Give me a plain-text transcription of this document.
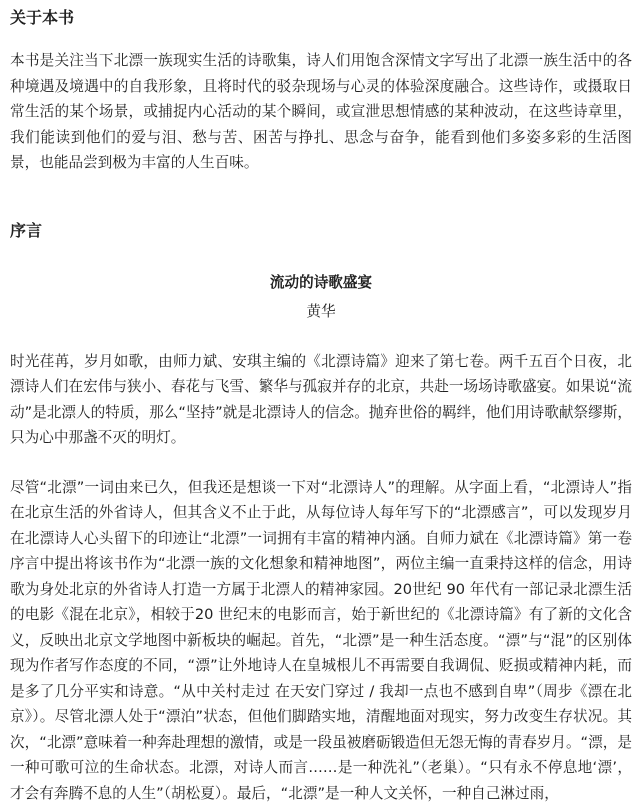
关于本书

本书是关注当下北漂一族现实生活的诗歌集，诗人们用饱含深情文字写出了北漂一族生活中的各种境遇及境遇中的自我形象，且将时代的驳杂现场与心灵的体验深度融合。这些诗作，或摄取日常生活的某个场景，或捕捉内心活动的某个瞬间，或宣泄思想情感的某种波动，在这些诗章里，我们能读到他们的爱与泪、愁与苦、困苦与挣扎、思念与奋争，能看到他们多姿多彩的生活图景，也能品尝到极为丰富的人生百味。

序言
流动的诗歌盛宴
黄华

时光荏苒，岁月如歌，由师力斌、安琪主编的《北漂诗篇》迎来了第七卷。两千五百个日夜，北漂诗人们在宏伟与狭小、春花与飞雪、繁华与孤寂并存的北京，共赴一场场诗歌盛宴。如果说“流动”是北漂人的特质，那么“坚持”就是北漂诗人的信念。抛弃世俗的羁绊，他们用诗歌献祭缪斯，只为心中那盏不灭的明灯。

尽管“北漂”一词由来已久，但我还是想谈一下对“北漂诗人”的理解。从字面上看，“北漂诗人”指在北京生活的外省诗人，但其含义不止于此，从每位诗人每年写下的“北漂感言”，可以发现岁月在北漂诗人心头留下的印迹让“北漂”一词拥有丰富的精神内涵。自师力斌在《北漂诗篇》第一卷序言中提出将该书作为“北漂一族的文化想象和精神地图”，两位主编一直秉持这样的信念，用诗歌为身处北京的外省诗人打造一方属于北漂人的精神家园。20世纪 90 年代有一部记录北漂生活的电影《混在北京》，相较于20 世纪末的电影而言，始于新世纪的《北漂诗篇》有了新的文化含义，反映出北京文学地图中新板块的崛起。首先，“北漂”是一种生活态度。“漂”与“混”的区别体现为作者写作态度的不同，“漂”让外地诗人在皇城根儿不再需要自我调侃、贬损或精神内耗，而是多了几分平实和诗意。“从中关村走过 在天安门穿过 / 我却一点也不感到自卑”（周步《漂在北京》）。尽管北漂人处于“漂泊”状态，但他们脚踏实地，清醒地面对现实，努力改变生存状况。其次，“北漂”意味着一种奔赴理想的激情，或是一段虽被磨砺锻造但无怨无悔的青春岁月。“漂，是一种可歌可泣的生命状态。北漂，对诗人而言……是一种洗礼”（老巢）。“只有永不停息地‘漂’，才会有奔腾不息的人生”（胡松夏）。最后，“北漂”是一种人文关怀，一种自己淋过雨，
